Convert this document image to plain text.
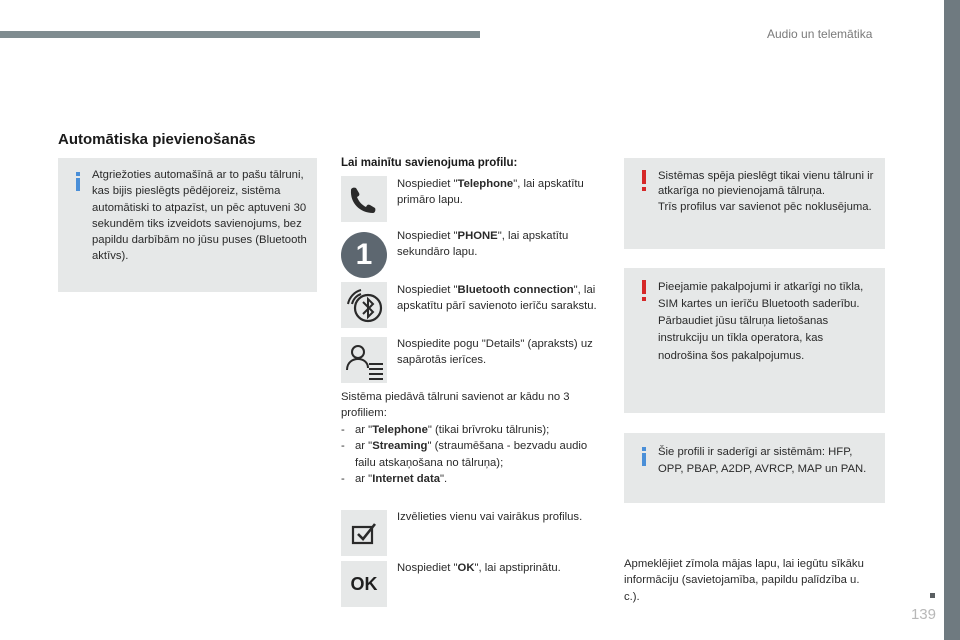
Audio un telemātika
139
Automātiska pievienošanās
Atgriežoties automašīnā ar to pašu tālruni, kas bijis pieslēgts pēdējoreiz, sistēma automātiski to atpazīst, un pēc aptuveni 30 sekundēm tiks izveidots savienojums, bez papildu darbībām no jūsu puses (Bluetooth aktīvs).
Lai mainītu savienojuma profilu:
Nospiediet "Telephone", lai apskatītu primāro lapu.
1
Nospiediet "PHONE", lai apskatītu sekundāro lapu.
Nospiediet "Bluetooth connection", lai apskatītu pārī savienoto ierīču sarakstu.
Nospiedite pogu "Details" (apraksts) uz sapārotās ierīces.
Sistēma piedāvā tālruni savienot ar kādu no 3 profiliem:
- ar "Telephone" (tikai brīvroku tālrunis);
- ar "Streaming" (straumēšana - bezvadu audio failu atskaņošana no tālruņa);
- ar "Internet data".
Izvēlieties vienu vai vairākus profilus.
OK
Nospiediet "OK", lai apstiprinātu.
Sistēmas spēja pieslēgt tikai vienu tālruni ir atkarīga no pievienojamā tālruņa.
Trīs profilus var savienot pēc noklusējuma.
Pieejamie pakalpojumi ir atkarīgi no tīkla, SIM kartes un ierīču Bluetooth saderību. Pārbaudiet jūsu tālruņa lietošanas instrukciju un tīkla operatora, kas nodrošina šos pakalpojumus.
Šie profili ir saderīgi ar sistēmām: HFP, OPP, PBAP, A2DP, AVRCP, MAP un PAN.
Apmeklējiet zīmola mājas lapu, lai iegūtu sīkāku informāciju (savietojamība, papildu palīdzība u. c.).
